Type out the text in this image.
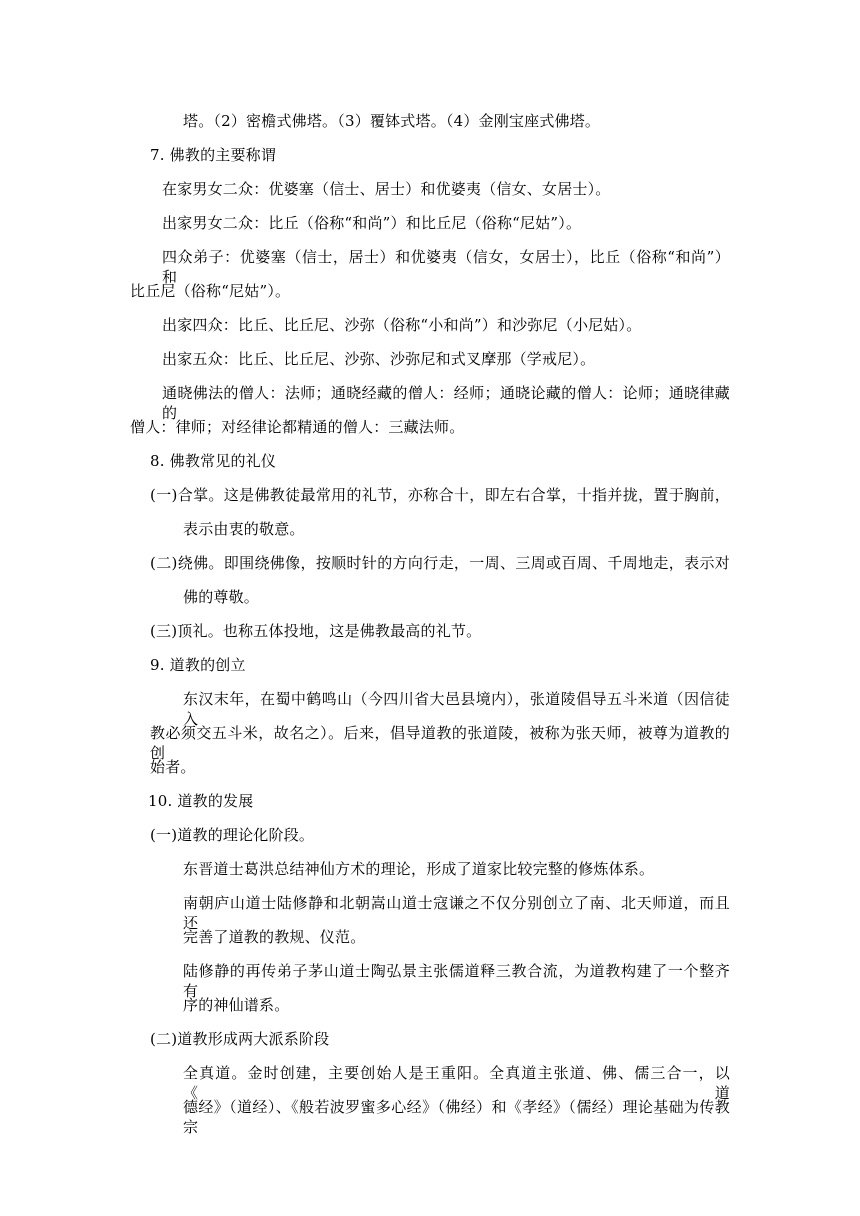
塔。（2）密檐式佛塔。（3）覆钵式塔。（4）金刚宝座式佛塔。
7. 佛教的主要称谓
在家男女二众：优婆塞（信士、居士）和优婆夷（信女、女居士）。
出家男女二众：比丘（俗称“和尚”）和比丘尼（俗称“尼姑”）。
四众弟子：优婆塞（信士，居士）和优婆夷（信女，女居士），比丘（俗称“和尚”）和
比丘尼（俗称“尼姑”）。
出家四众：比丘、比丘尼、沙弥（俗称“小和尚”）和沙弥尼（小尼姑）。
出家五众：比丘、比丘尼、沙弥、沙弥尼和式叉摩那（学戒尼）。
通晓佛法的僧人：法师；通晓经藏的僧人：经师；通晓论藏的僧人：论师；通晓律藏的
僧人：律师；对经律论都精通的僧人：三藏法师。
8. 佛教常见的礼仪
(一)合掌。这是佛教徒最常用的礼节，亦称合十，即左右合掌，十指并拢，置于胸前，
表示由衷的敬意。
(二)绕佛。即围绕佛像，按顺时针的方向行走，一周、三周或百周、千周地走，表示对
佛的尊敬。
(三)顶礼。也称五体投地，这是佛教最高的礼节。
9. 道教的创立
东汉末年，在蜀中鹤鸣山（今四川省大邑县境内），张道陵倡导五斗米道（因信徒入
教必须交五斗米，故名之）。后来，倡导道教的张道陵，被称为张天师，被尊为道教的创
始者。
10. 道教的发展
(一)道教的理论化阶段。
东晋道士葛洪总结神仙方术的理论，形成了道家比较完整的修炼体系。
南朝庐山道士陆修静和北朝嵩山道士寇谦之不仅分别创立了南、北天师道，而且还
完善了道教的教规、仪范。
陆修静的再传弟子茅山道士陶弘景主张儒道释三教合流，为道教构建了一个整齐有
序的神仙谱系。
(二)道教形成两大派系阶段
全真道。金时创建，主要创始人是王重阳。全真道主张道、佛、儒三合一，以《道
德经》（道经）、《般若波罗蜜多心经》（佛经）和《孝经》（儒经）理论基础为传教宗
